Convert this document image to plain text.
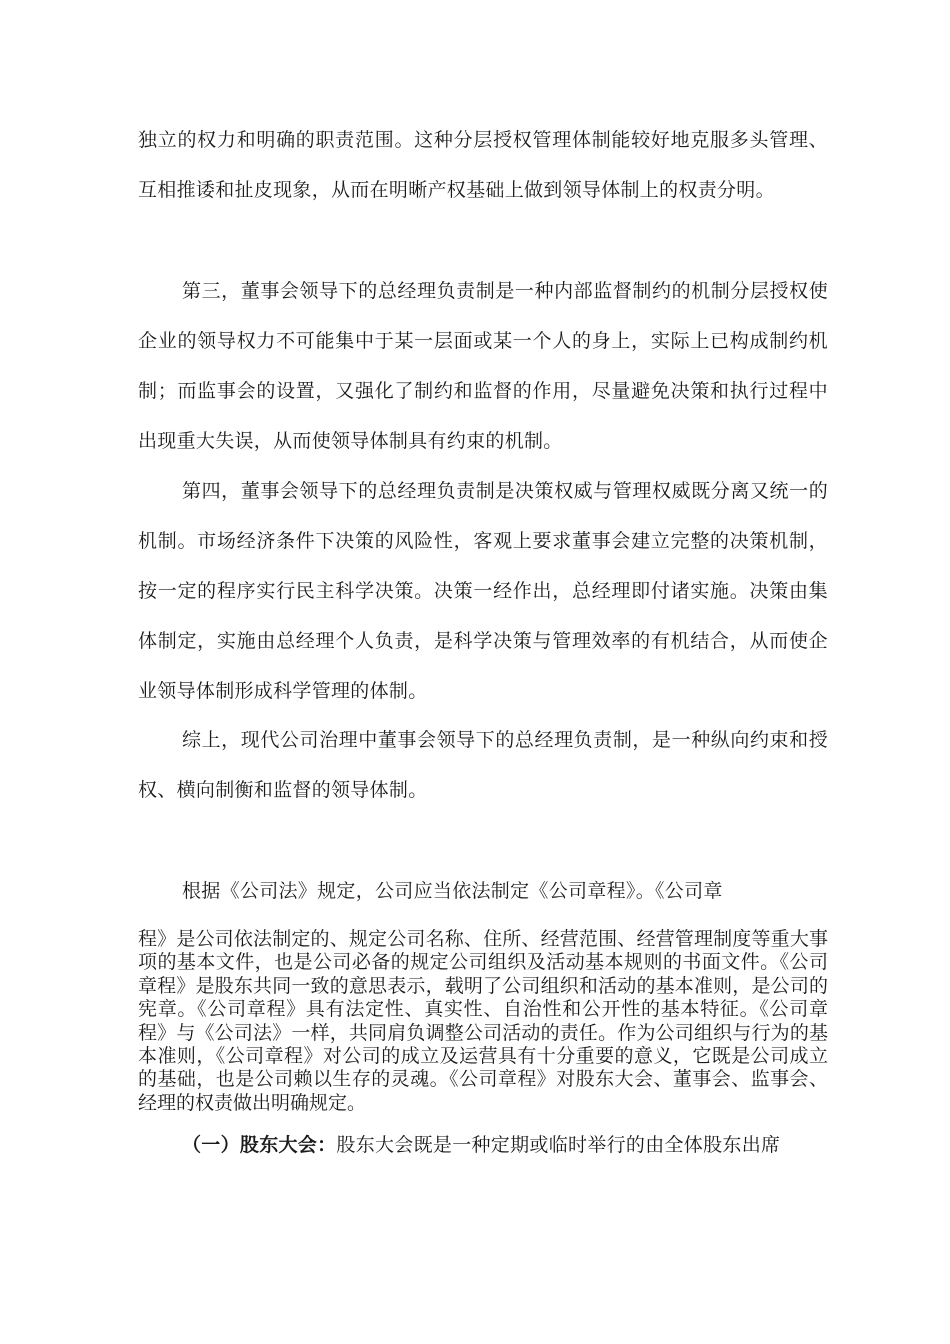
独立的权力和明确的职责范围。这种分层授权管理体制能较好地克服多头管理、互相推诿和扯皮现象，从而在明晰产权基础上做到领导体制上的权责分明。

第三，董事会领导下的总经理负责制是一种内部监督制约的机制分层授权使企业的领导权力不可能集中于某一层面或某一个人的身上，实际上已构成制约机制；而监事会的设置，又强化了制约和监督的作用，尽量避免决策和执行过程中出现重大失误，从而使领导体制具有约束的机制。

第四，董事会领导下的总经理负责制是决策权威与管理权威既分离又统一的机制。市场经济条件下决策的风险性，客观上要求董事会建立完整的决策机制，按一定的程序实行民主科学决策。决策一经作出，总经理即付诸实施。决策由集体制定，实施由总经理个人负责，是科学决策与管理效率的有机结合，从而使企业领导体制形成科学管理的体制。

综上，现代公司治理中董事会领导下的总经理负责制，是一种纵向约束和授权、横向制衡和监督的领导体制。

根据《公司法》规定，公司应当依法制定《公司章程》。《公司章

程》是公司依法制定的、规定公司名称、住所、经营范围、经营管理制度等重大事项的基本文件，也是公司必备的规定公司组织及活动基本规则的书面文件。《公司章程》是股东共同一致的意思表示，载明了公司组织和活动的基本准则，是公司的宪章。《公司章程》具有法定性、真实性、自治性和公开性的基本特征。《公司章程》与《公司法》一样，共同肩负调整公司活动的责任。作为公司组织与行为的基本准则，《公司章程》对公司的成立及运营具有十分重要的意义，它既是公司成立的基础，也是公司赖以生存的灵魂。《公司章程》对股东大会、董事会、监事会、经理的权责做出明确规定。

（一）股东大会：股东大会既是一种定期或临时举行的由全体股东出席
